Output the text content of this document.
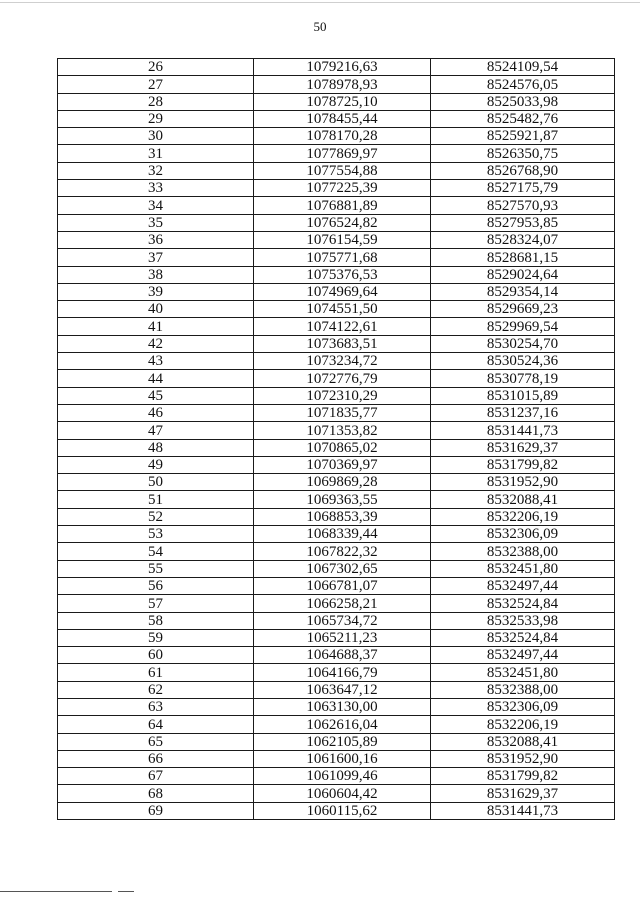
50
26	1079216,63	8524109,54
27	1078978,93	8524576,05
28	1078725,10	8525033,98
29	1078455,44	8525482,76
30	1078170,28	8525921,87
31	1077869,97	8526350,75
32	1077554,88	8526768,90
33	1077225,39	8527175,79
34	1076881,89	8527570,93
35	1076524,82	8527953,85
36	1076154,59	8528324,07
37	1075771,68	8528681,15
38	1075376,53	8529024,64
39	1074969,64	8529354,14
40	1074551,50	8529669,23
41	1074122,61	8529969,54
42	1073683,51	8530254,70
43	1073234,72	8530524,36
44	1072776,79	8530778,19
45	1072310,29	8531015,89
46	1071835,77	8531237,16
47	1071353,82	8531441,73
48	1070865,02	8531629,37
49	1070369,97	8531799,82
50	1069869,28	8531952,90
51	1069363,55	8532088,41
52	1068853,39	8532206,19
53	1068339,44	8532306,09
54	1067822,32	8532388,00
55	1067302,65	8532451,80
56	1066781,07	8532497,44
57	1066258,21	8532524,84
58	1065734,72	8532533,98
59	1065211,23	8532524,84
60	1064688,37	8532497,44
61	1064166,79	8532451,80
62	1063647,12	8532388,00
63	1063130,00	8532306,09
64	1062616,04	8532206,19
65	1062105,89	8532088,41
66	1061600,16	8531952,90
67	1061099,46	8531799,82
68	1060604,42	8531629,37
69	1060115,62	8531441,73
